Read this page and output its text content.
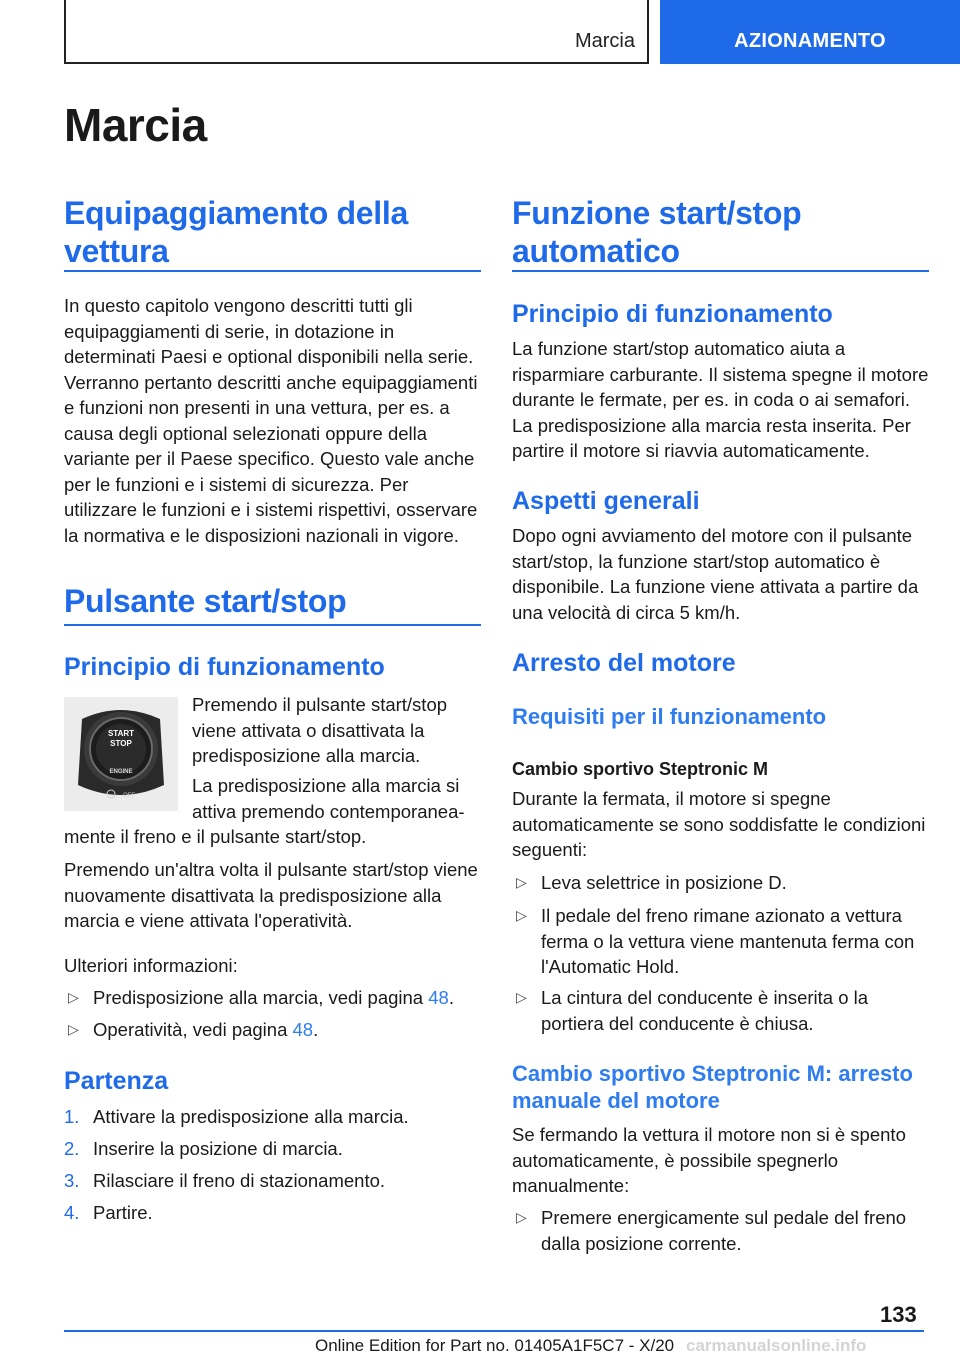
Marcia	AZIONAMENTO
Marcia
Equipaggiamento della vettura
In questo capitolo vengono descritti tutti gli equipaggiamenti di serie, in dotazione in determinati Paesi e optional disponibili nella serie. Verranno pertanto descritti anche equipaggiamenti e funzioni non presenti in una vettura, per es. a causa degli optional selezionati oppure della variante per il Paese specifico. Questo vale anche per le funzioni e i sistemi di sicurezza. Per utilizzare le funzioni e i sistemi rispettivi, osservare la normativa e le disposizioni nazionali in vigore.
Pulsante start/stop
Principio di funzionamento
START
STOP
ENGINE
OFF
Premendo il pulsante start/stop viene attivata o disattivata la predisposizione alla marcia.
La predisposizione alla marcia si attiva premendo contemporanea-
mente il freno e il pulsante start/stop.
Premendo un'altra volta il pulsante start/stop viene nuovamente disattivata la predisposizione alla marcia e viene attivata l'operatività.
Ulteriori informazioni:
▷ Predisposizione alla marcia, vedi pagina 48.
▷ Operatività, vedi pagina 48.
Partenza
1. Attivare la predisposizione alla marcia.
2. Inserire la posizione di marcia.
3. Rilasciare il freno di stazionamento.
4. Partire.
Funzione start/stop automatico
Principio di funzionamento
La funzione start/stop automatico aiuta a risparmiare carburante. Il sistema spegne il motore durante le fermate, per es. in coda o ai semafori. La predisposizione alla marcia resta inserita. Per partire il motore si riavvia automaticamente.
Aspetti generali
Dopo ogni avviamento del motore con il pulsante start/stop, la funzione start/stop automatico è disponibile. La funzione viene attivata a partire da una velocità di circa 5 km/h.
Arresto del motore
Requisiti per il funzionamento
Cambio sportivo Steptronic M
Durante la fermata, il motore si spegne automaticamente se sono soddisfatte le condizioni seguenti:
▷ Leva selettrice in posizione D.
▷ Il pedale del freno rimane azionato a vettura ferma o la vettura viene mantenuta ferma con l'Automatic Hold.
▷ La cintura del conducente è inserita o la portiera del conducente è chiusa.
Cambio sportivo Steptronic M: arresto manuale del motore
Se fermando la vettura il motore non si è spento automaticamente, è possibile spegnerlo manualmente:
▷ Premere energicamente sul pedale del freno dalla posizione corrente.
133
Online Edition for Part no. 01405A1F5C7 - X/20 carmanualsonline.info
